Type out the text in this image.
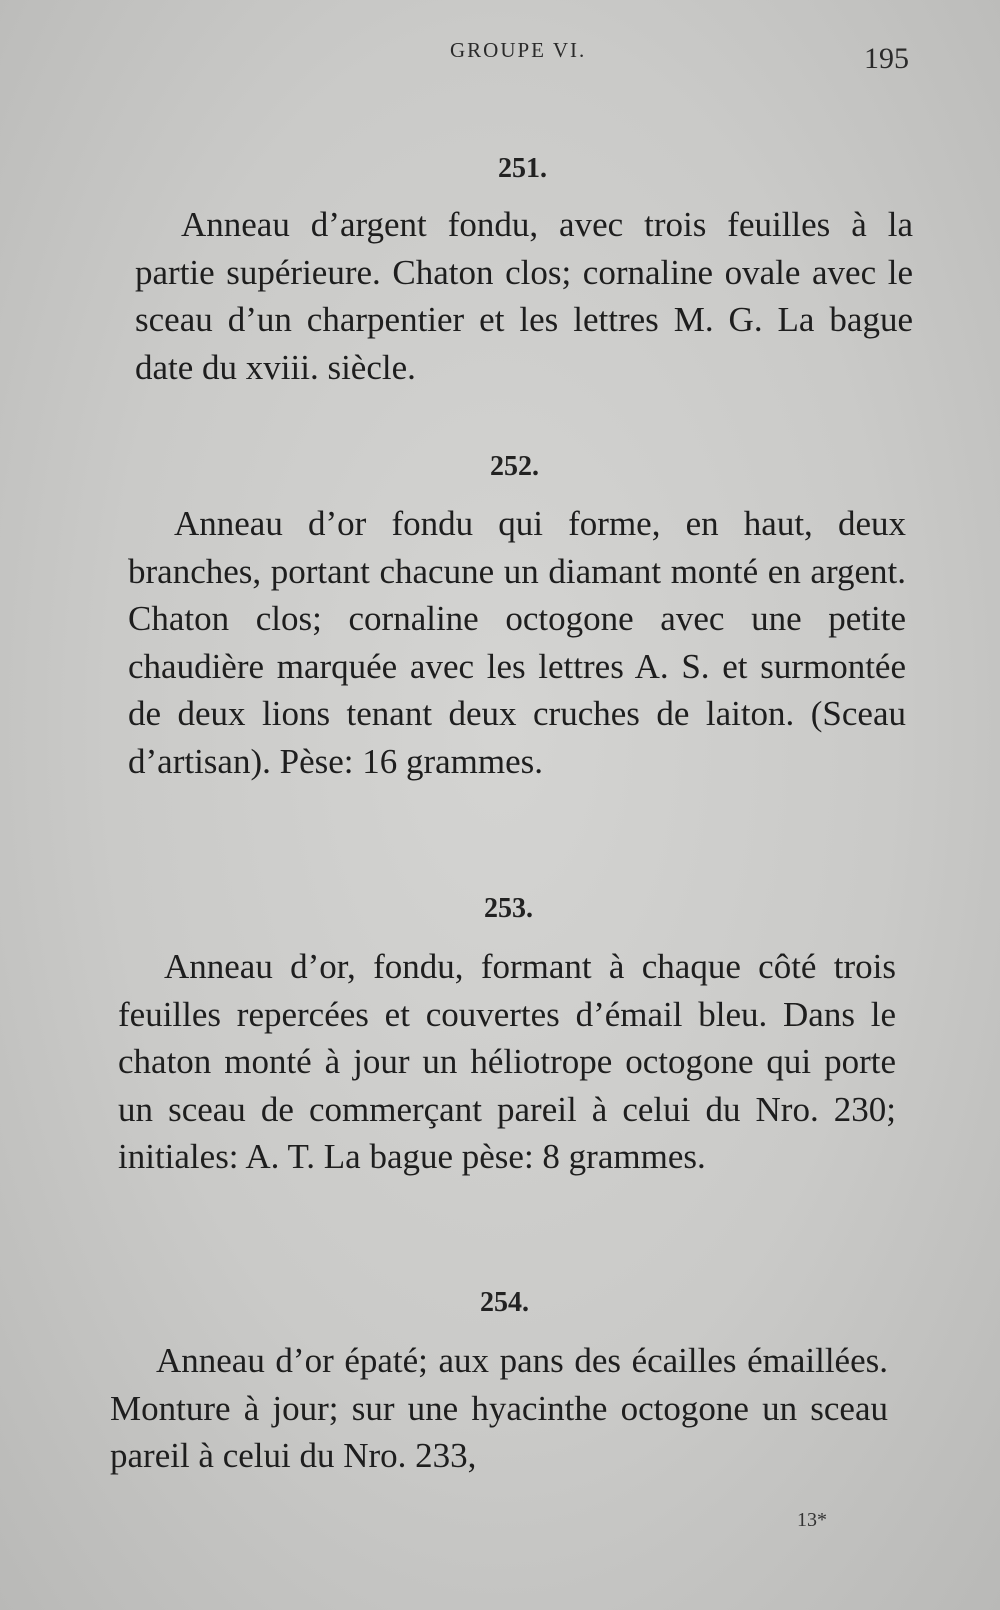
GROUPE VI.	195
251.
Anneau d’argent fondu, avec trois feuilles à la partie supérieure. Chaton clos; cornaline ovale avec le sceau d’un charpentier et les lettres M. G. La bague date du xviii. siècle.
252.
Anneau d’or fondu qui forme, en haut, deux branches, portant chacune un diamant monté en argent. Chaton clos; cornaline octogone avec une petite chaudière marquée avec les lettres A. S. et surmontée de deux lions tenant deux cruches de laiton. (Sceau d’artisan). Pèse: 16 grammes.
253.
Anneau d’or, fondu, formant à chaque côté trois feuilles repercées et couvertes d’émail bleu. Dans le chaton monté à jour un héliotrope octogone qui porte un sceau de commerçant pareil à celui du Nro. 230; initiales: A. T. La bague pèse: 8 grammes.
254.
Anneau d’or épaté; aux pans des écailles émaillées. Monture à jour; sur une hyacinthe octogone un sceau pareil à celui du Nro. 233,
13*
